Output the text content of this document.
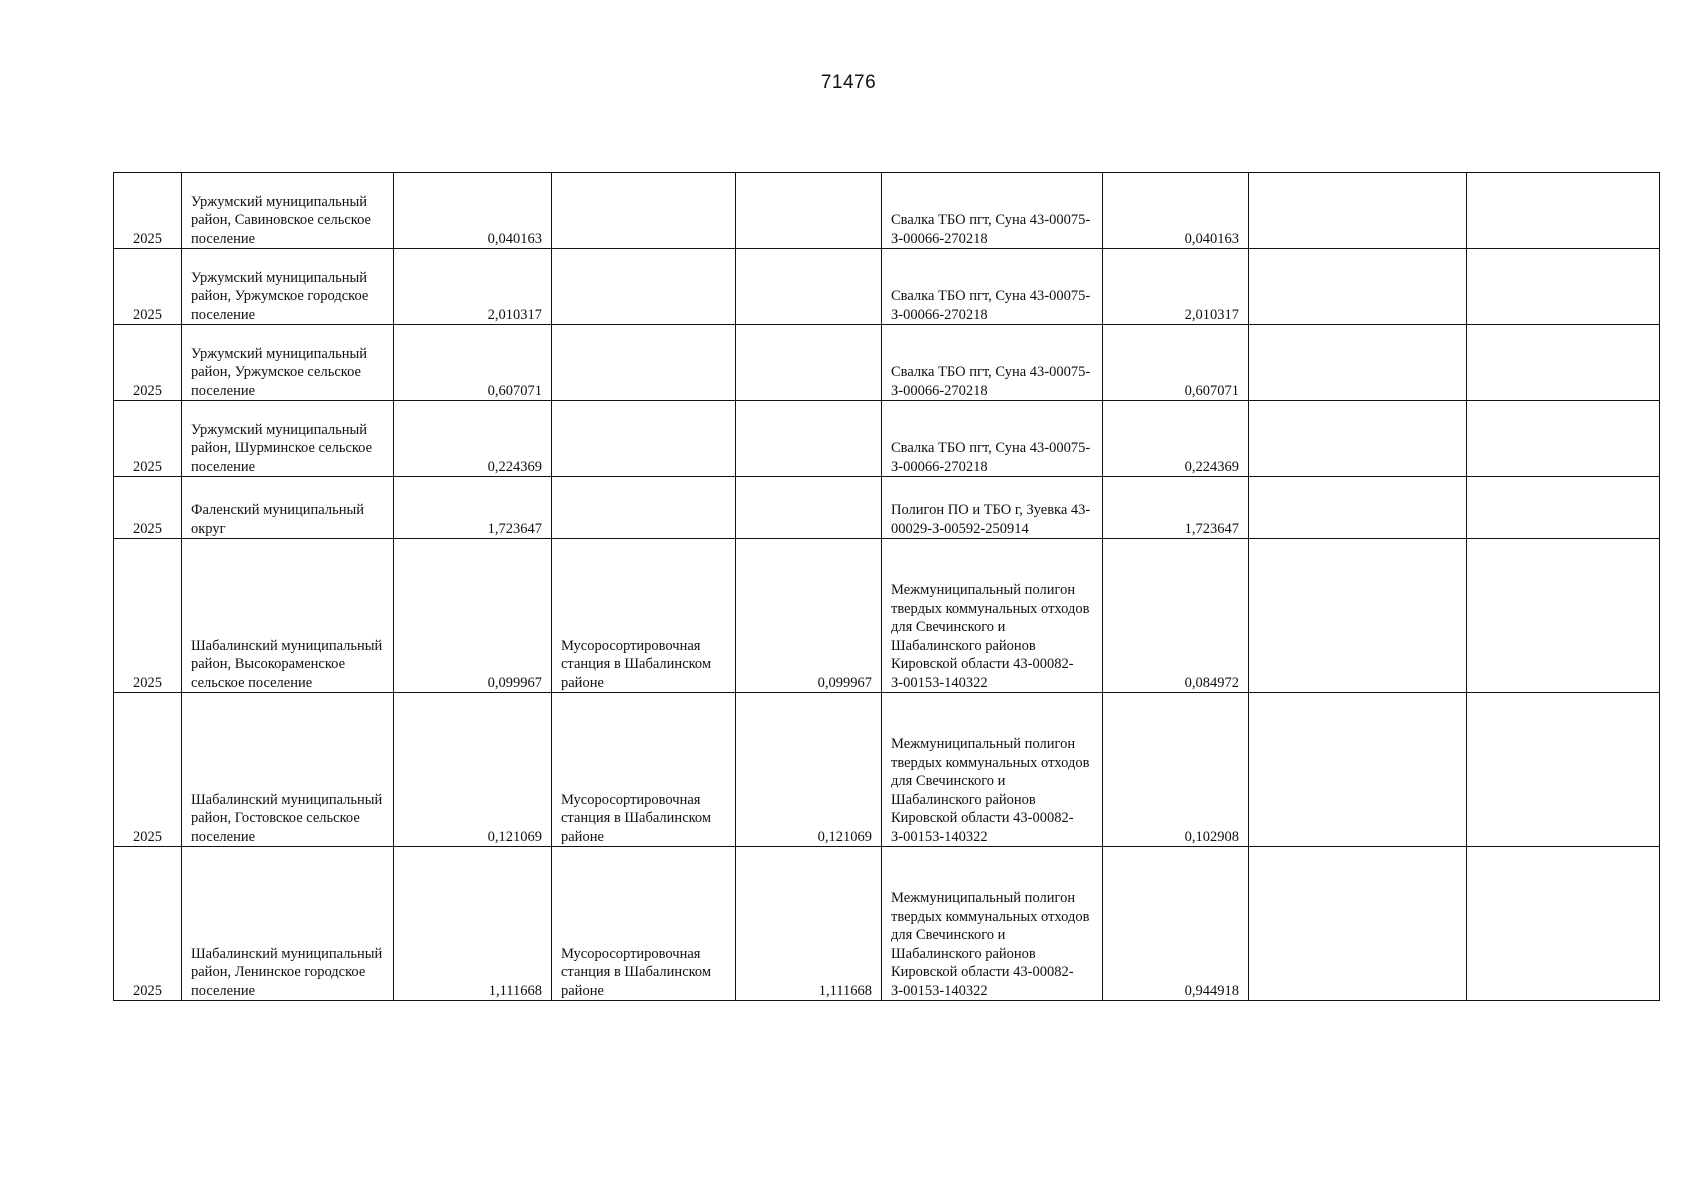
71476
2025	Уржумский муниципальный район, Савиновское сельское поселение	0,040163			Свалка ТБО пгт, Суна 43-00075-З-00066-270218	0,040163		
2025	Уржумский муниципальный район, Уржумское городское поселение	2,010317			Свалка ТБО пгт, Суна 43-00075-З-00066-270218	2,010317		
2025	Уржумский муниципальный район, Уржумское сельское поселение	0,607071			Свалка ТБО пгт, Суна 43-00075-З-00066-270218	0,607071		
2025	Уржумский муниципальный район, Шурминское сельское поселение	0,224369			Свалка ТБО пгт, Суна 43-00075-З-00066-270218	0,224369		
2025	Фаленский муниципальный округ	1,723647			Полигон ПО и ТБО г, Зуевка 43-00029-З-00592-250914	1,723647		
2025	Шабалинский муниципальный район, Высокораменское сельское поселение	0,099967	Мусоросортировочная станция в Шабалинском районе	0,099967	Межмуниципальный полигон твердых коммунальных отходов для Свечинского и Шабалинского районов Кировской области 43-00082-З-00153-140322	0,084972		
2025	Шабалинский муниципальный район, Гостовское сельское поселение	0,121069	Мусоросортировочная станция в Шабалинском районе	0,121069	Межмуниципальный полигон твердых коммунальных отходов для Свечинского и Шабалинского районов Кировской области 43-00082-З-00153-140322	0,102908		
2025	Шабалинский муниципальный район, Ленинское городское поселение	1,111668	Мусоросортировочная станция в Шабалинском районе	1,111668	Межмуниципальный полигон твердых коммунальных отходов для Свечинского и Шабалинского районов Кировской области 43-00082-З-00153-140322	0,944918		
